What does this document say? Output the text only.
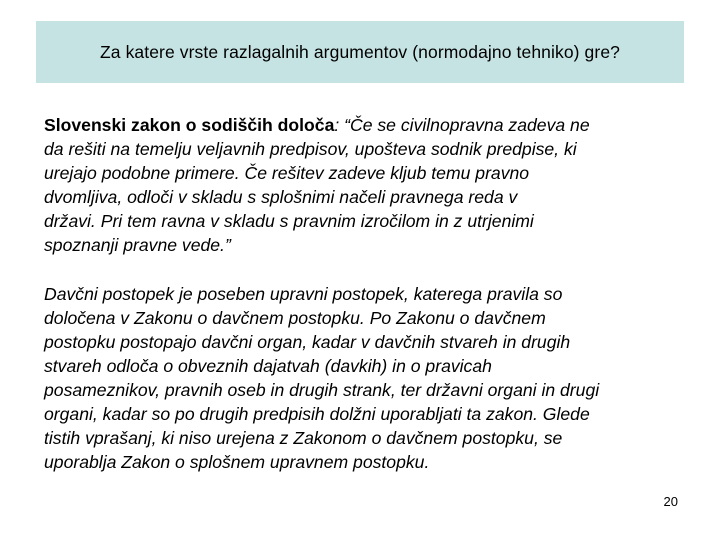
Za katere vrste razlagalnih argumentov (normodajno tehniko) gre?
Slovenski zakon o sodiščih določa: “Če se civilnopravna zadeva ne
da rešiti na temelju veljavnih predpisov, upošteva sodnik predpise, ki
urejajo podobne primere. Če rešitev zadeve kljub temu pravno
dvomljiva, odloči v skladu s splošnimi načeli pravnega reda v
državi. Pri tem ravna v skladu s pravnim izročilom in z utrjenimi
spoznanji pravne vede.”
Davčni postopek je poseben upravni postopek, katerega pravila so
določena v Zakonu o davčnem postopku. Po Zakonu o davčnem
postopku postopajo davčni organ, kadar v davčnih stvareh in drugih
stvareh odloča o obveznih dajatvah (davkih) in o pravicah
posameznikov, pravnih oseb in drugih strank, ter državni organi in drugi
organi, kadar so po drugih predpisih dolžni uporabljati ta zakon. Glede
tistih vprašanj, ki niso urejena z Zakonom o davčnem postopku, se
uporablja Zakon o splošnem upravnem postopku.
20
